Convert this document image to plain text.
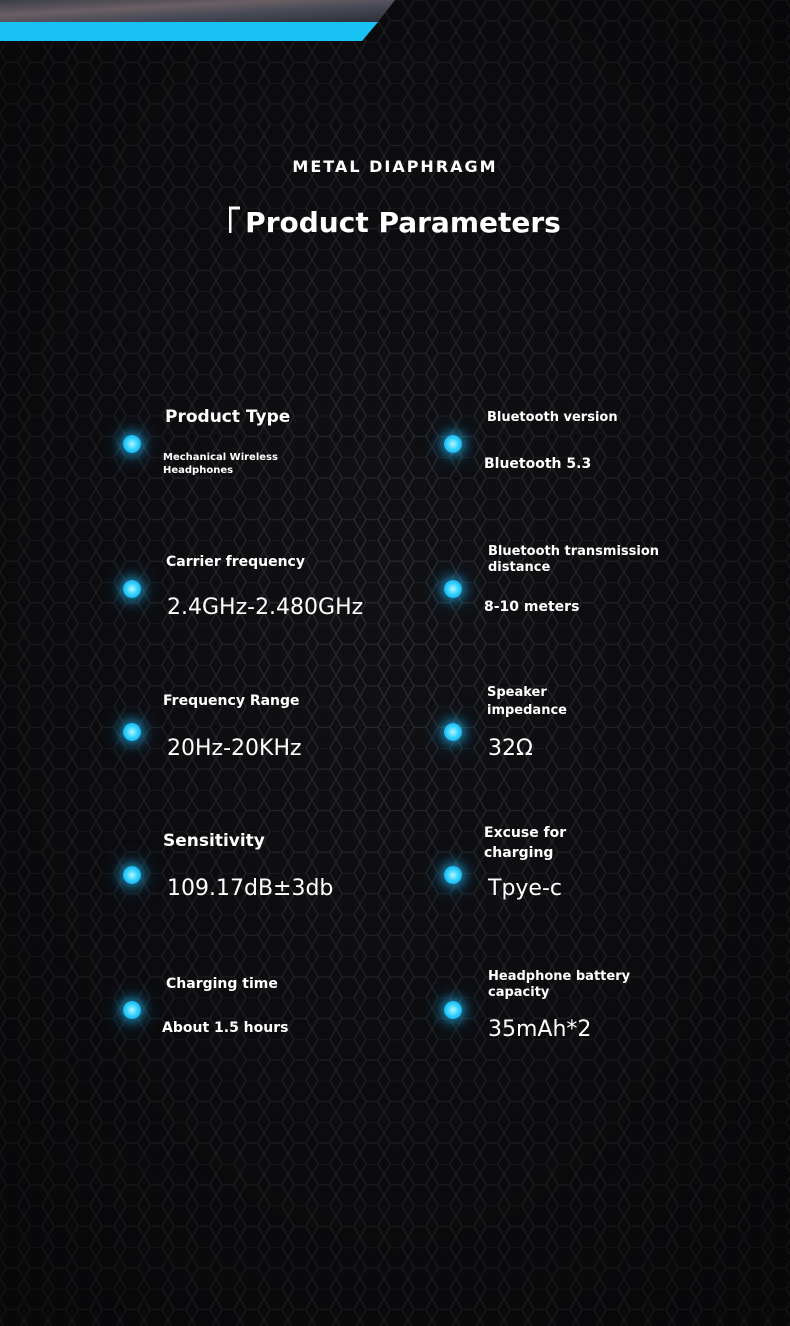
METAL DIAPHRAGM
Product Parameters
Product Type
Mechanical Wireless
Headphones
Bluetooth version
Bluetooth 5.3
Carrier frequency
2.4GHz-2.480GHz
Bluetooth transmission
distance
8-10 meters
Frequency Range
20Hz-20KHz
Speaker
impedance
32Ω
Sensitivity
109.17dB±3db
Excuse for
charging
Tpye-c
Charging time
About 1.5 hours
Headphone battery
capacity
35mAh*2
